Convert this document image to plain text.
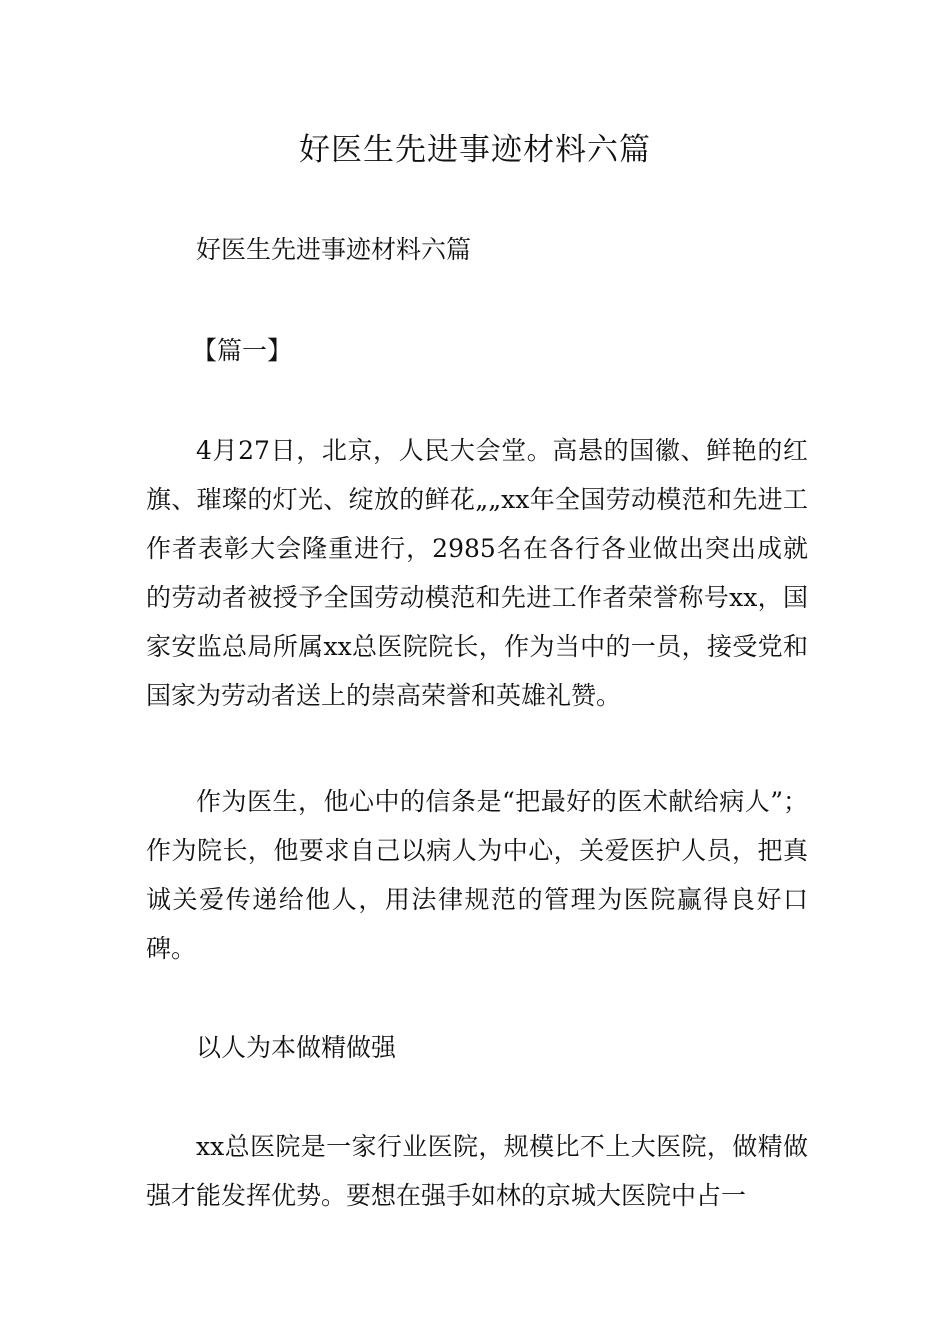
好医生先进事迹材料六篇

好医生先进事迹材料六篇

【篇一】

4月27日，北京，人民大会堂。高悬的国徽、鲜艳的红旗、璀璨的灯光、绽放的鲜花„„xx年全国劳动模范和先进工作者表彰大会隆重进行，2985名在各行各业做出突出成就的劳动者被授予全国劳动模范和先进工作者荣誉称号xx，国家安监总局所属xx总医院院长，作为当中的一员，接受党和国家为劳动者送上的崇高荣誉和英雄礼赞。

作为医生，他心中的信条是“把最好的医术献给病人”；作为院长，他要求自己以病人为中心，关爱医护人员，把真诚关爱传递给他人，用法律规范的管理为医院赢得良好口碑。

以人为本做精做强

xx总医院是一家行业医院，规模比不上大医院，做精做强才能发挥优势。要想在强手如林的京城大医院中占一
